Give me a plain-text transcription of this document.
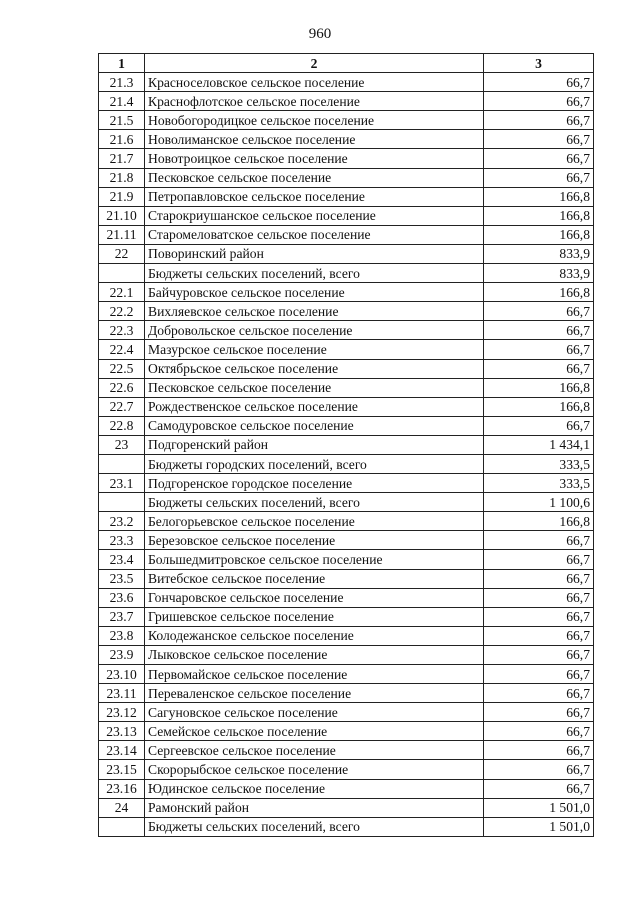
960
1	2	3
21.3	Красноселовское сельское поселение	66,7
21.4	Краснофлотское сельское поселение	66,7
21.5	Новобогородицкое сельское поселение	66,7
21.6	Новолиманское сельское поселение	66,7
21.7	Новотроицкое сельское поселение	66,7
21.8	Песковское сельское поселение	66,7
21.9	Петропавловское сельское поселение	166,8
21.10	Старокриушанское сельское поселение	166,8
21.11	Старомеловатское сельское поселение	166,8
22	Поворинский район	833,9
	Бюджеты сельских поселений, всего	833,9
22.1	Байчуровское сельское поселение	166,8
22.2	Вихляевское сельское поселение	66,7
22.3	Добровольское сельское поселение	66,7
22.4	Мазурское сельское поселение	66,7
22.5	Октябрьское сельское поселение	66,7
22.6	Песковское сельское поселение	166,8
22.7	Рождественское сельское поселение	166,8
22.8	Самодуровское сельское поселение	66,7
23	Подгоренский район	1 434,1
	Бюджеты городских поселений, всего	333,5
23.1	Подгоренское городское поселение	333,5
	Бюджеты сельских поселений, всего	1 100,6
23.2	Белогорьевское сельское поселение	166,8
23.3	Березовское сельское поселение	66,7
23.4	Большедмитровское сельское поселение	66,7
23.5	Витебское сельское поселение	66,7
23.6	Гончаровское сельское поселение	66,7
23.7	Гришевское сельское поселение	66,7
23.8	Колодежанское сельское поселение	66,7
23.9	Лыковское сельское поселение	66,7
23.10	Первомайское сельское поселение	66,7
23.11	Переваленское сельское поселение	66,7
23.12	Сагуновское сельское поселение	66,7
23.13	Семейское сельское поселение	66,7
23.14	Сергеевское сельское поселение	66,7
23.15	Скорорыбское сельское поселение	66,7
23.16	Юдинское сельское поселение	66,7
24	Рамонский район	1 501,0
	Бюджеты сельских поселений, всего	1 501,0
